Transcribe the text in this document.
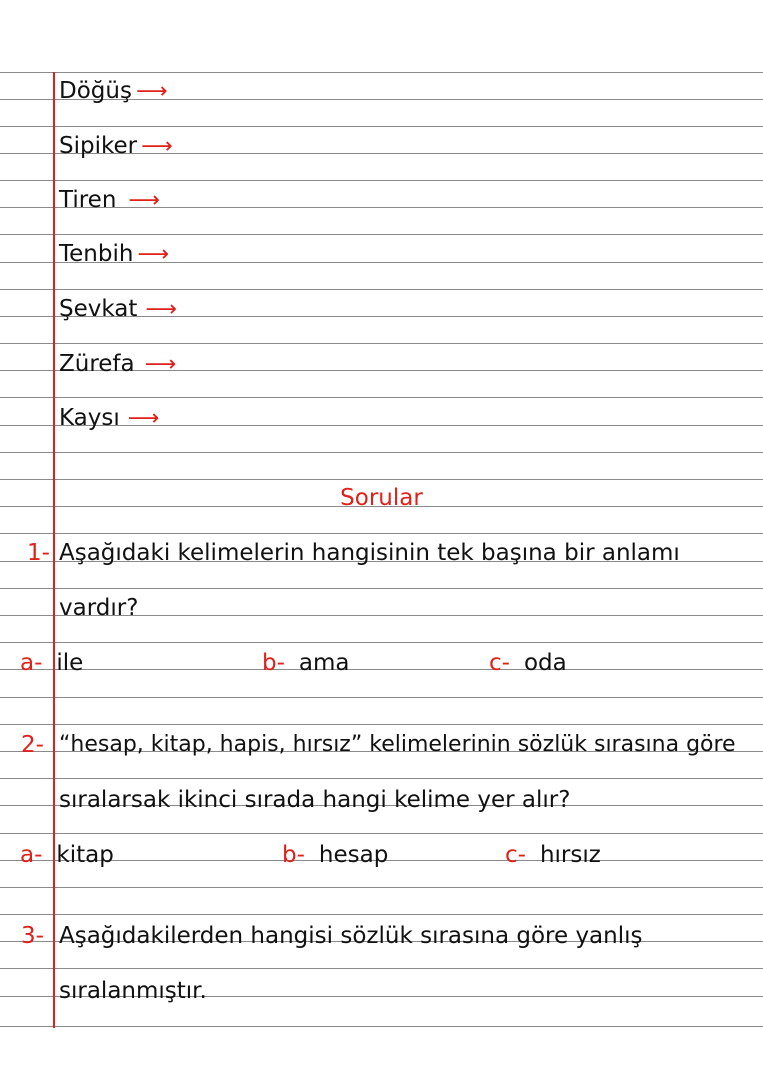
Döğüş ⟶
Sipiker ⟶
Tiren ⟶
Tenbih ⟶
Şevkat ⟶
Zürefa ⟶
Kaysı ⟶
Sorular
1- Aşağıdaki kelimelerin hangisinin tek başına bir anlamı
vardır?
a- ile	b- ama	c- oda
2- “hesap, kitap, hapis, hırsız” kelimelerinin sözlük sırasına göre
sıralarsak ikinci sırada hangi kelime yer alır?
a- kitap	b- hesap	c- hırsız
3- Aşağıdakilerden hangisi sözlük sırasına göre yanlış
sıralanmıştır.
